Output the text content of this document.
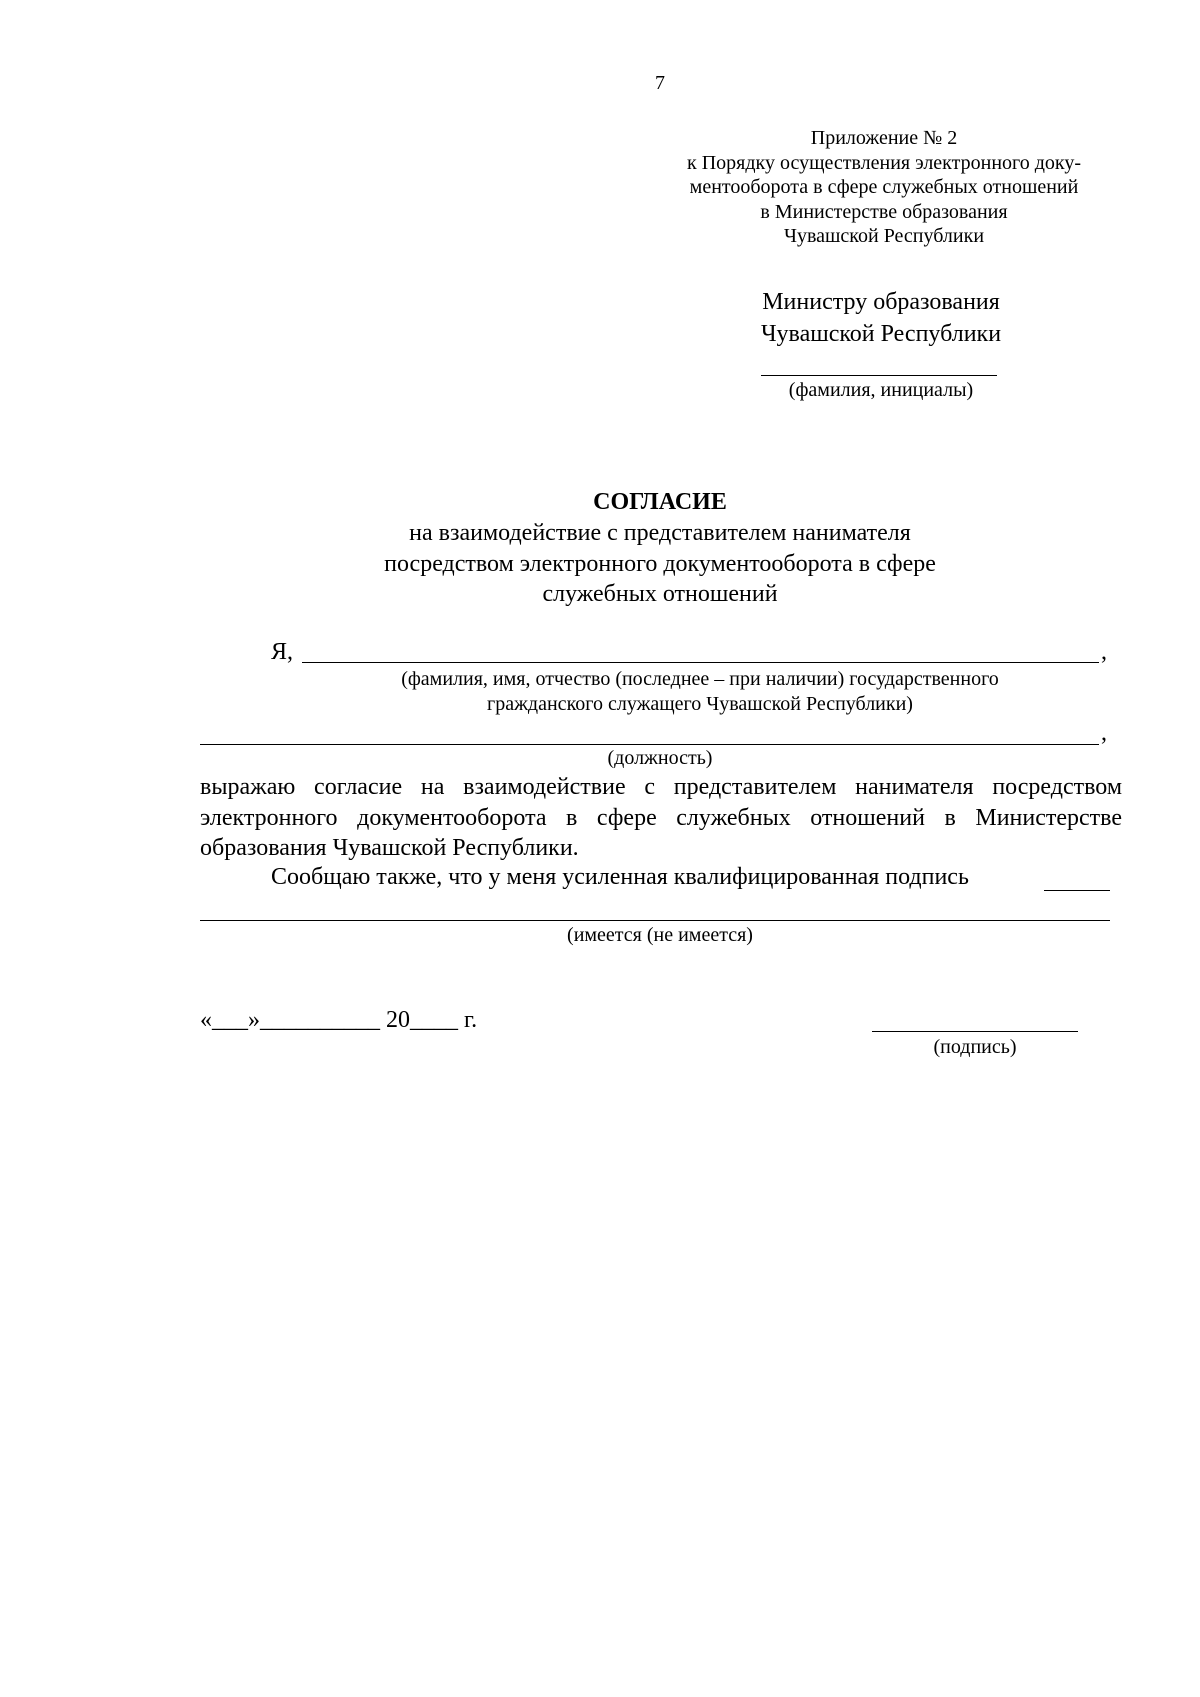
7
Приложение № 2
к Порядку осуществления электронного доку-
ментооборота в сфере служебных отношений
в Министерстве образования
Чувашской Республики
Министру образования
Чувашской Республики
(фамилия, инициалы)
СОГЛАСИЕ
на взаимодействие с представителем нанимателя
посредством электронного документооборота в сфере
служебных отношений
Я,	,
(фамилия, имя, отчество (последнее – при наличии) государственного
гражданского служащего Чувашской Республики)
,
(должность)
выражаю согласие на взаимодействие с представителем нанимателя посредством
электронного документооборота в сфере служебных отношений в Министерстве
образования Чувашской Республики.
Сообщаю также, что у меня усиленная квалифицированная подпись
(имеется (не имеется)
«___»__________ 20____ г.
(подпись)
